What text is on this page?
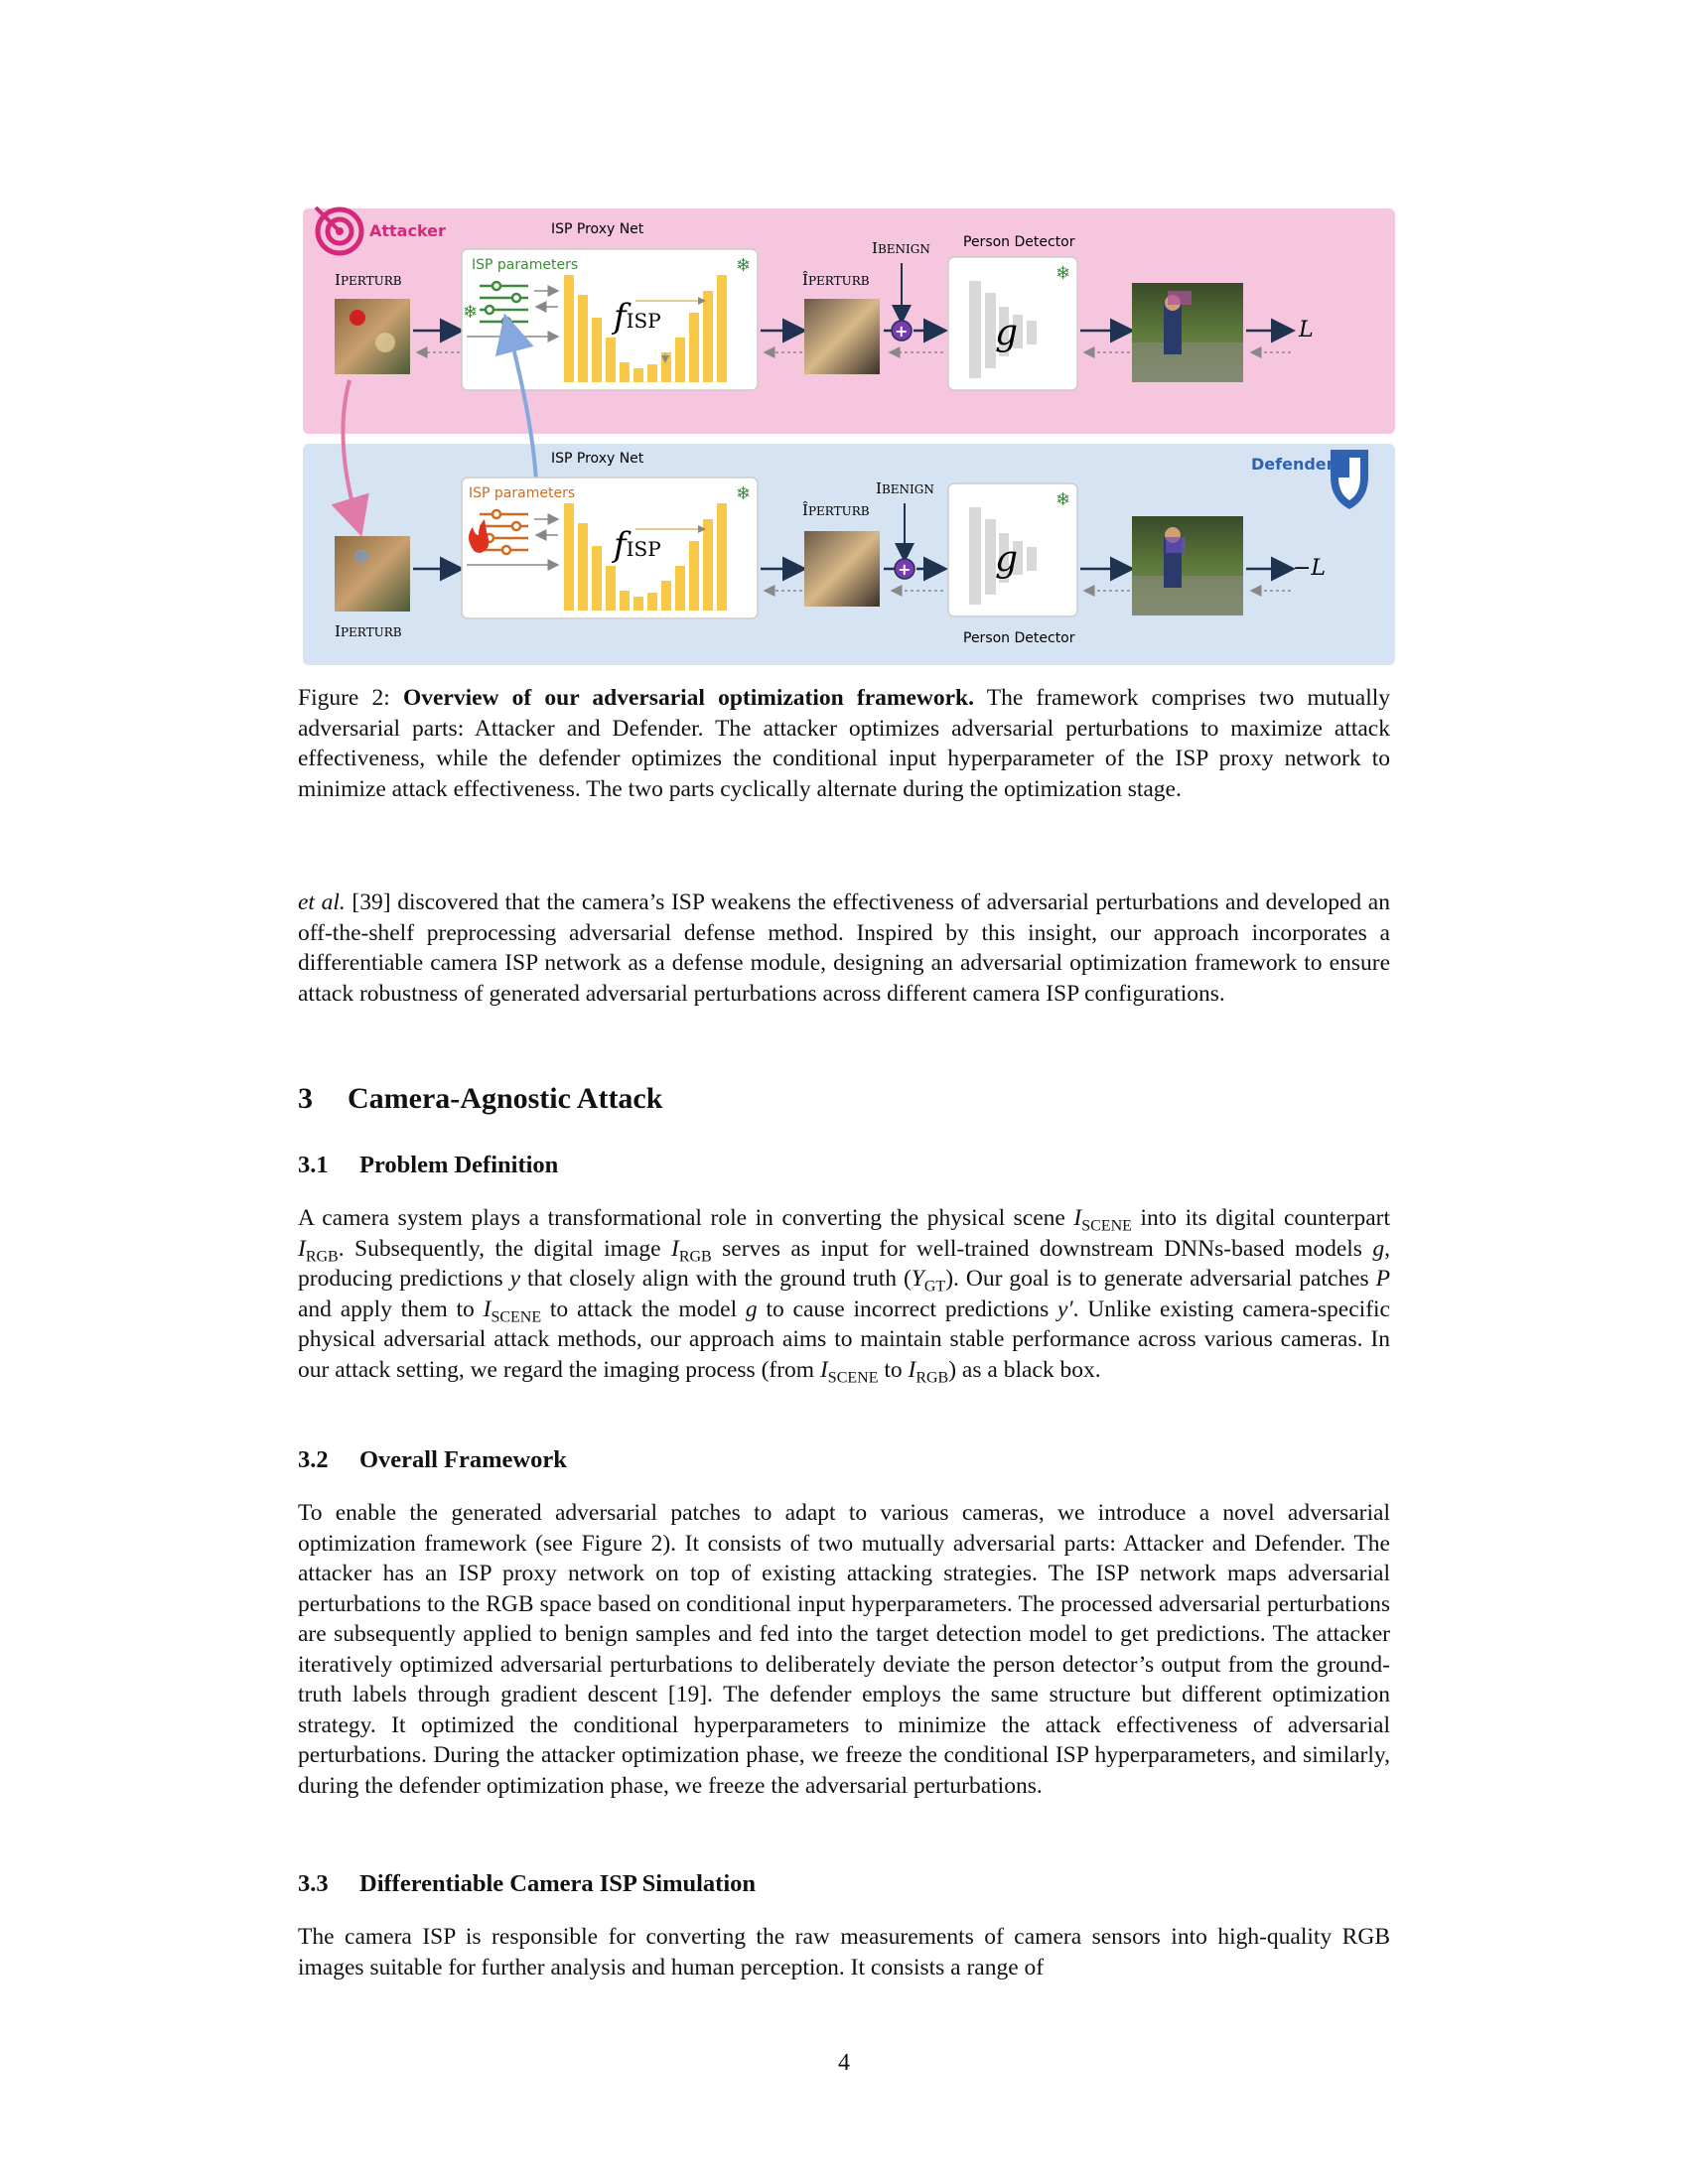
Attacker
Defender
IPERTURB
ISP Proxy Net
ISP parameters
❄
❄
fISP
ÎPERTURB
IBENIGN
+
Person Detector
❄
g	L
IPERTURB
ISP Proxy Net
ISP parameters	❄
fISP
ÎPERTURB
IBENIGN
+
❄
g
Person Detector
−L

Figure 2: Overview of our adversarial optimization framework. The framework comprises two mutually adversarial parts: Attacker and Defender. The attacker optimizes adversarial perturbations to maximize attack effectiveness, while the defender optimizes the conditional input hyperparameter of the ISP proxy network to minimize attack effectiveness. The two parts cyclically alternate during the optimization stage.

et al. [39] discovered that the camera’s ISP weakens the effectiveness of adversarial perturbations and developed an off-the-shelf preprocessing adversarial defense method. Inspired by this insight, our approach incorporates a differentiable camera ISP network as a defense module, designing an adversarial optimization framework to ensure attack robustness of generated adversarial perturbations across different camera ISP configurations.

3 Camera-Agnostic Attack
3.1 Problem Definition

A camera system plays a transformational role in converting the physical scene $I_{SCENE}$ into its digital counterpart $I_{RGB}$. Subsequently, the digital image $I_{RGB}$ serves as input for well-trained downstream DNNs-based models g, producing predictions y that closely align with the ground truth $(Y_{GT})$. Our goal is to generate adversarial patches P and apply them to $I_{SCENE}$ to attack the model g to cause incorrect predictions y′. Unlike existing camera-specific physical adversarial attack methods, our approach aims to maintain stable performance across various cameras. In our attack setting, we regard the imaging process (from $I_{SCENE}$ to $I_{RGB}$) as a black box.

3.2 Overall Framework

To enable the generated adversarial patches to adapt to various cameras, we introduce a novel adversarial optimization framework (see Figure 2). It consists of two mutually adversarial parts: Attacker and Defender. The attacker has an ISP proxy network on top of existing attacking strategies. The ISP network maps adversarial perturbations to the RGB space based on conditional input hyperparameters. The processed adversarial perturbations are subsequently applied to benign samples and fed into the target detection model to get predictions. The attacker iteratively optimized adversarial perturbations to deliberately deviate the person detector’s output from the ground-truth labels through gradient descent [19]. The defender employs the same structure but different optimization strategy. It optimized the conditional hyperparameters to minimize the attack effectiveness of adversarial perturbations. During the attacker optimization phase, we freeze the conditional ISP hyperparameters, and similarly, during the defender optimization phase, we freeze the adversarial perturbations.

3.3 Differentiable Camera ISP Simulation

The camera ISP is responsible for converting the raw measurements of camera sensors into high-quality RGB images suitable for further analysis and human perception. It consists a range of

4
